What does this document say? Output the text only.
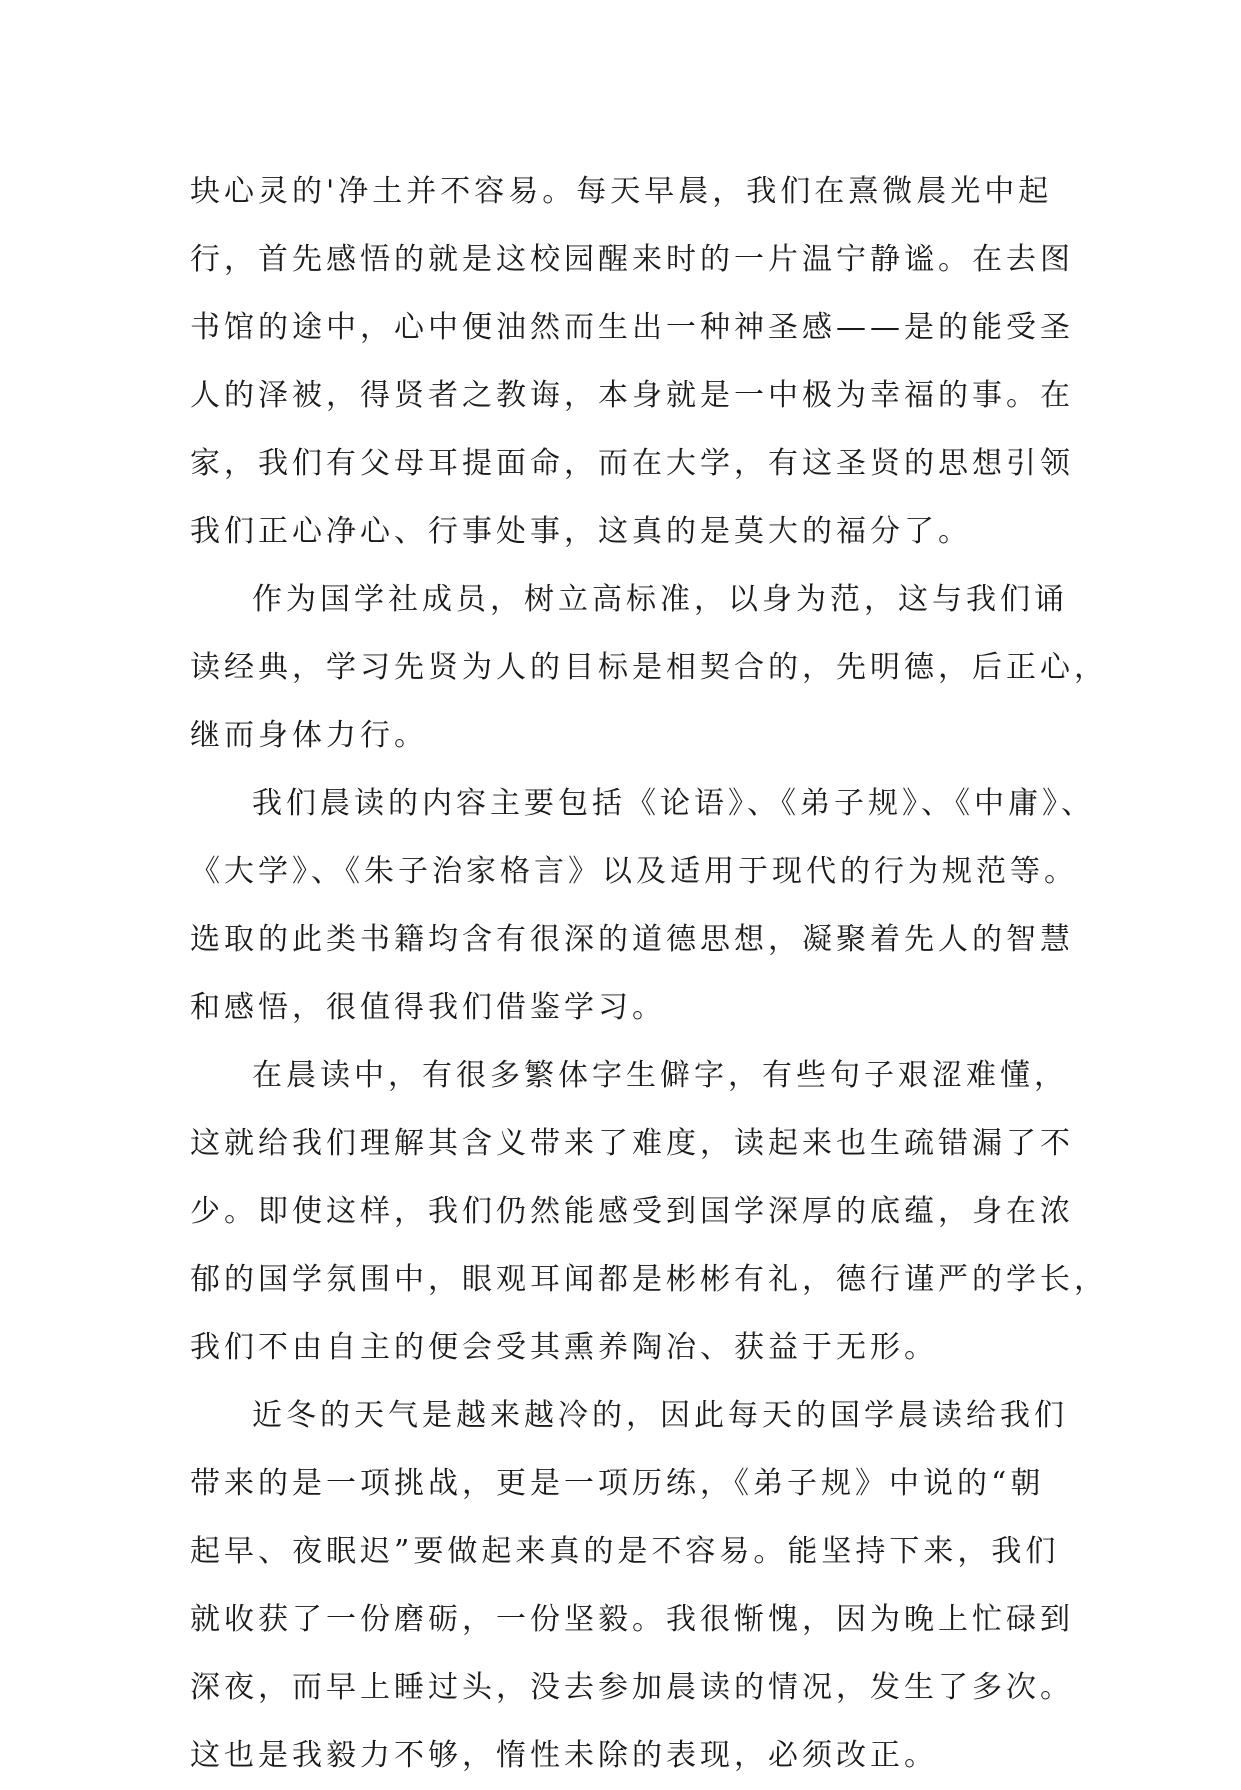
块心灵的'净土并不容易。每天早晨，我们在熹微晨光中起
行，首先感悟的就是这校园醒来时的一片温宁静谧。在去图
书馆的途中，心中便油然而生出一种神圣感——是的能受圣
人的泽被，得贤者之教诲，本身就是一中极为幸福的事。在
家，我们有父母耳提面命，而在大学，有这圣贤的思想引领
我们正心净心、行事处事，这真的是莫大的福分了。
作为国学社成员，树立高标准，以身为范，这与我们诵
读经典，学习先贤为人的目标是相契合的，先明德，后正心，
继而身体力行。
我们晨读的内容主要包括《论语》、《弟子规》、《中庸》、
《大学》、《朱子治家格言》以及适用于现代的行为规范等。
选取的此类书籍均含有很深的道德思想，凝聚着先人的智慧
和感悟，很值得我们借鉴学习。
在晨读中，有很多繁体字生僻字，有些句子艰涩难懂，
这就给我们理解其含义带来了难度，读起来也生疏错漏了不
少。即使这样，我们仍然能感受到国学深厚的底蕴，身在浓
郁的国学氛围中，眼观耳闻都是彬彬有礼，德行谨严的学长，
我们不由自主的便会受其熏养陶冶、获益于无形。
近冬的天气是越来越冷的，因此每天的国学晨读给我们
带来的是一项挑战，更是一项历练，《弟子规》中说的“朝
起早、夜眠迟”要做起来真的是不容易。能坚持下来，我们
就收获了一份磨砺，一份坚毅。我很惭愧，因为晚上忙碌到
深夜，而早上睡过头，没去参加晨读的情况，发生了多次。
这也是我毅力不够，惰性未除的表现，必须改正。
